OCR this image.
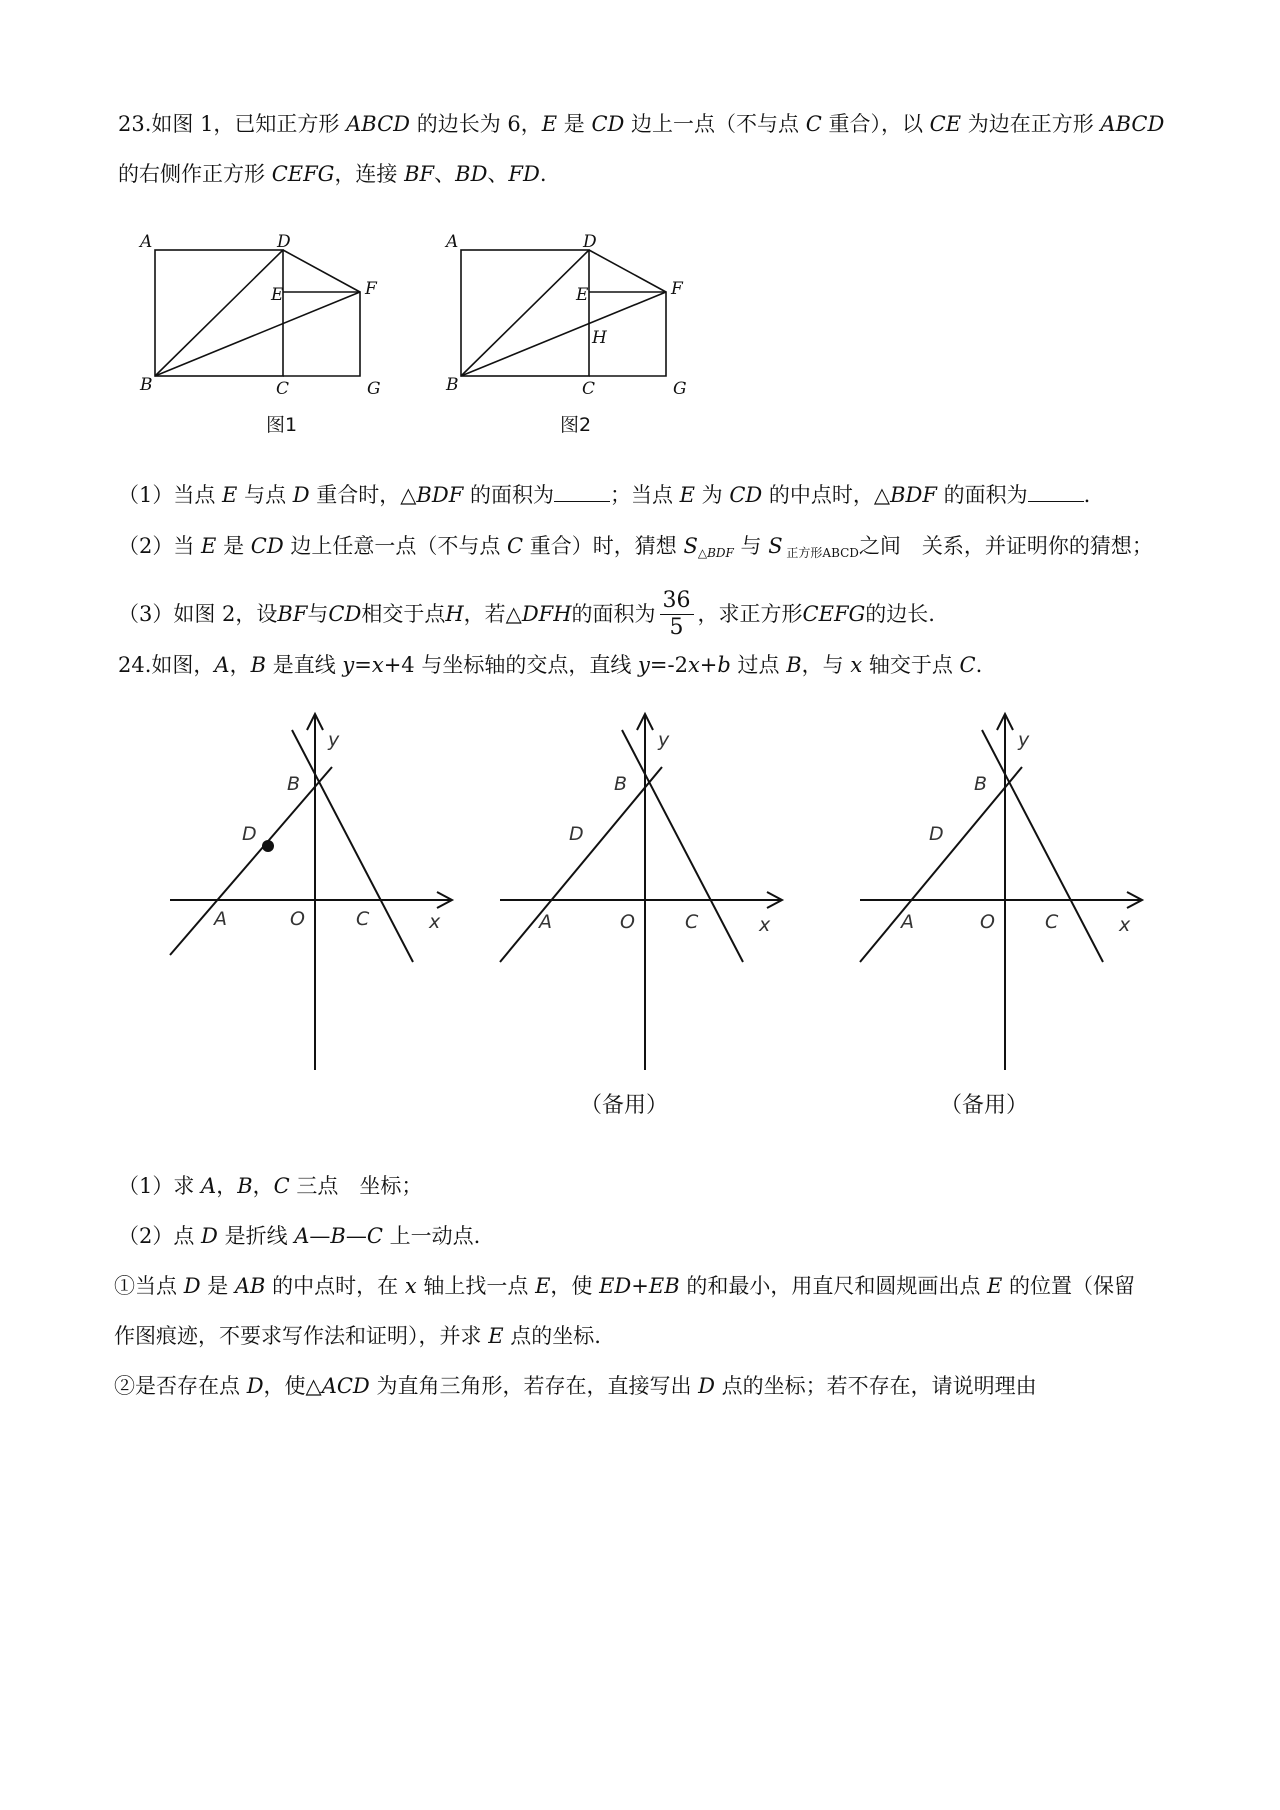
23.如图 1，已知正方形 ABCD 的边长为 6，E 是 CD 边上一点（不与点 C 重合），以 CE 为边在正方形 ABCD
的右侧作正方形 CEFG，连接 BF、BD、FD.
A	D
E	F
B	C	G
图1
A	D
E	F
H
B	C	G
图2
（1）当点 E 与点 D 重合时，△BDF 的面积为	；当点 E 为 CD 的中点时，△BDF 的面积为	.
（2）当 E 是 CD 边上任意一点（不与点 C 重合）时，猜想 $S_{\triangle BDF}$ 与 S $_{正方形ABCD}$之间　关系，并证明你的猜想；
（3）如图 2，设 BF 与 CD 相交于点 H ，若△ DFH 的面积为 $\frac{36}{5}$ ，求正方形 CEFG 的边长.
24.如图，A，B 是直线 y=x+4 与坐标轴的交点，直线 y=-2x+b 过点 B，与 x 轴交于点 C.
y
B
D
A	O	C	x
y
B
D
A	O	C	x
（备用）
y
B
D
A	O	C	x
（备用）
（1）求 A，B，C 三点　坐标；
（2）点 D 是折线 A—B—C 上一动点.
①当点 D 是 AB 的中点时，在 x 轴上找一点 E，使 ED+EB 的和最小，用直尺和圆规画出点 E 的位置（保留
作图痕迹，不要求写作法和证明），并求 E 点的坐标.
②是否存在点 D，使△ACD 为直角三角形，若存在，直接写出 D 点的坐标；若不存在，请说明理由
